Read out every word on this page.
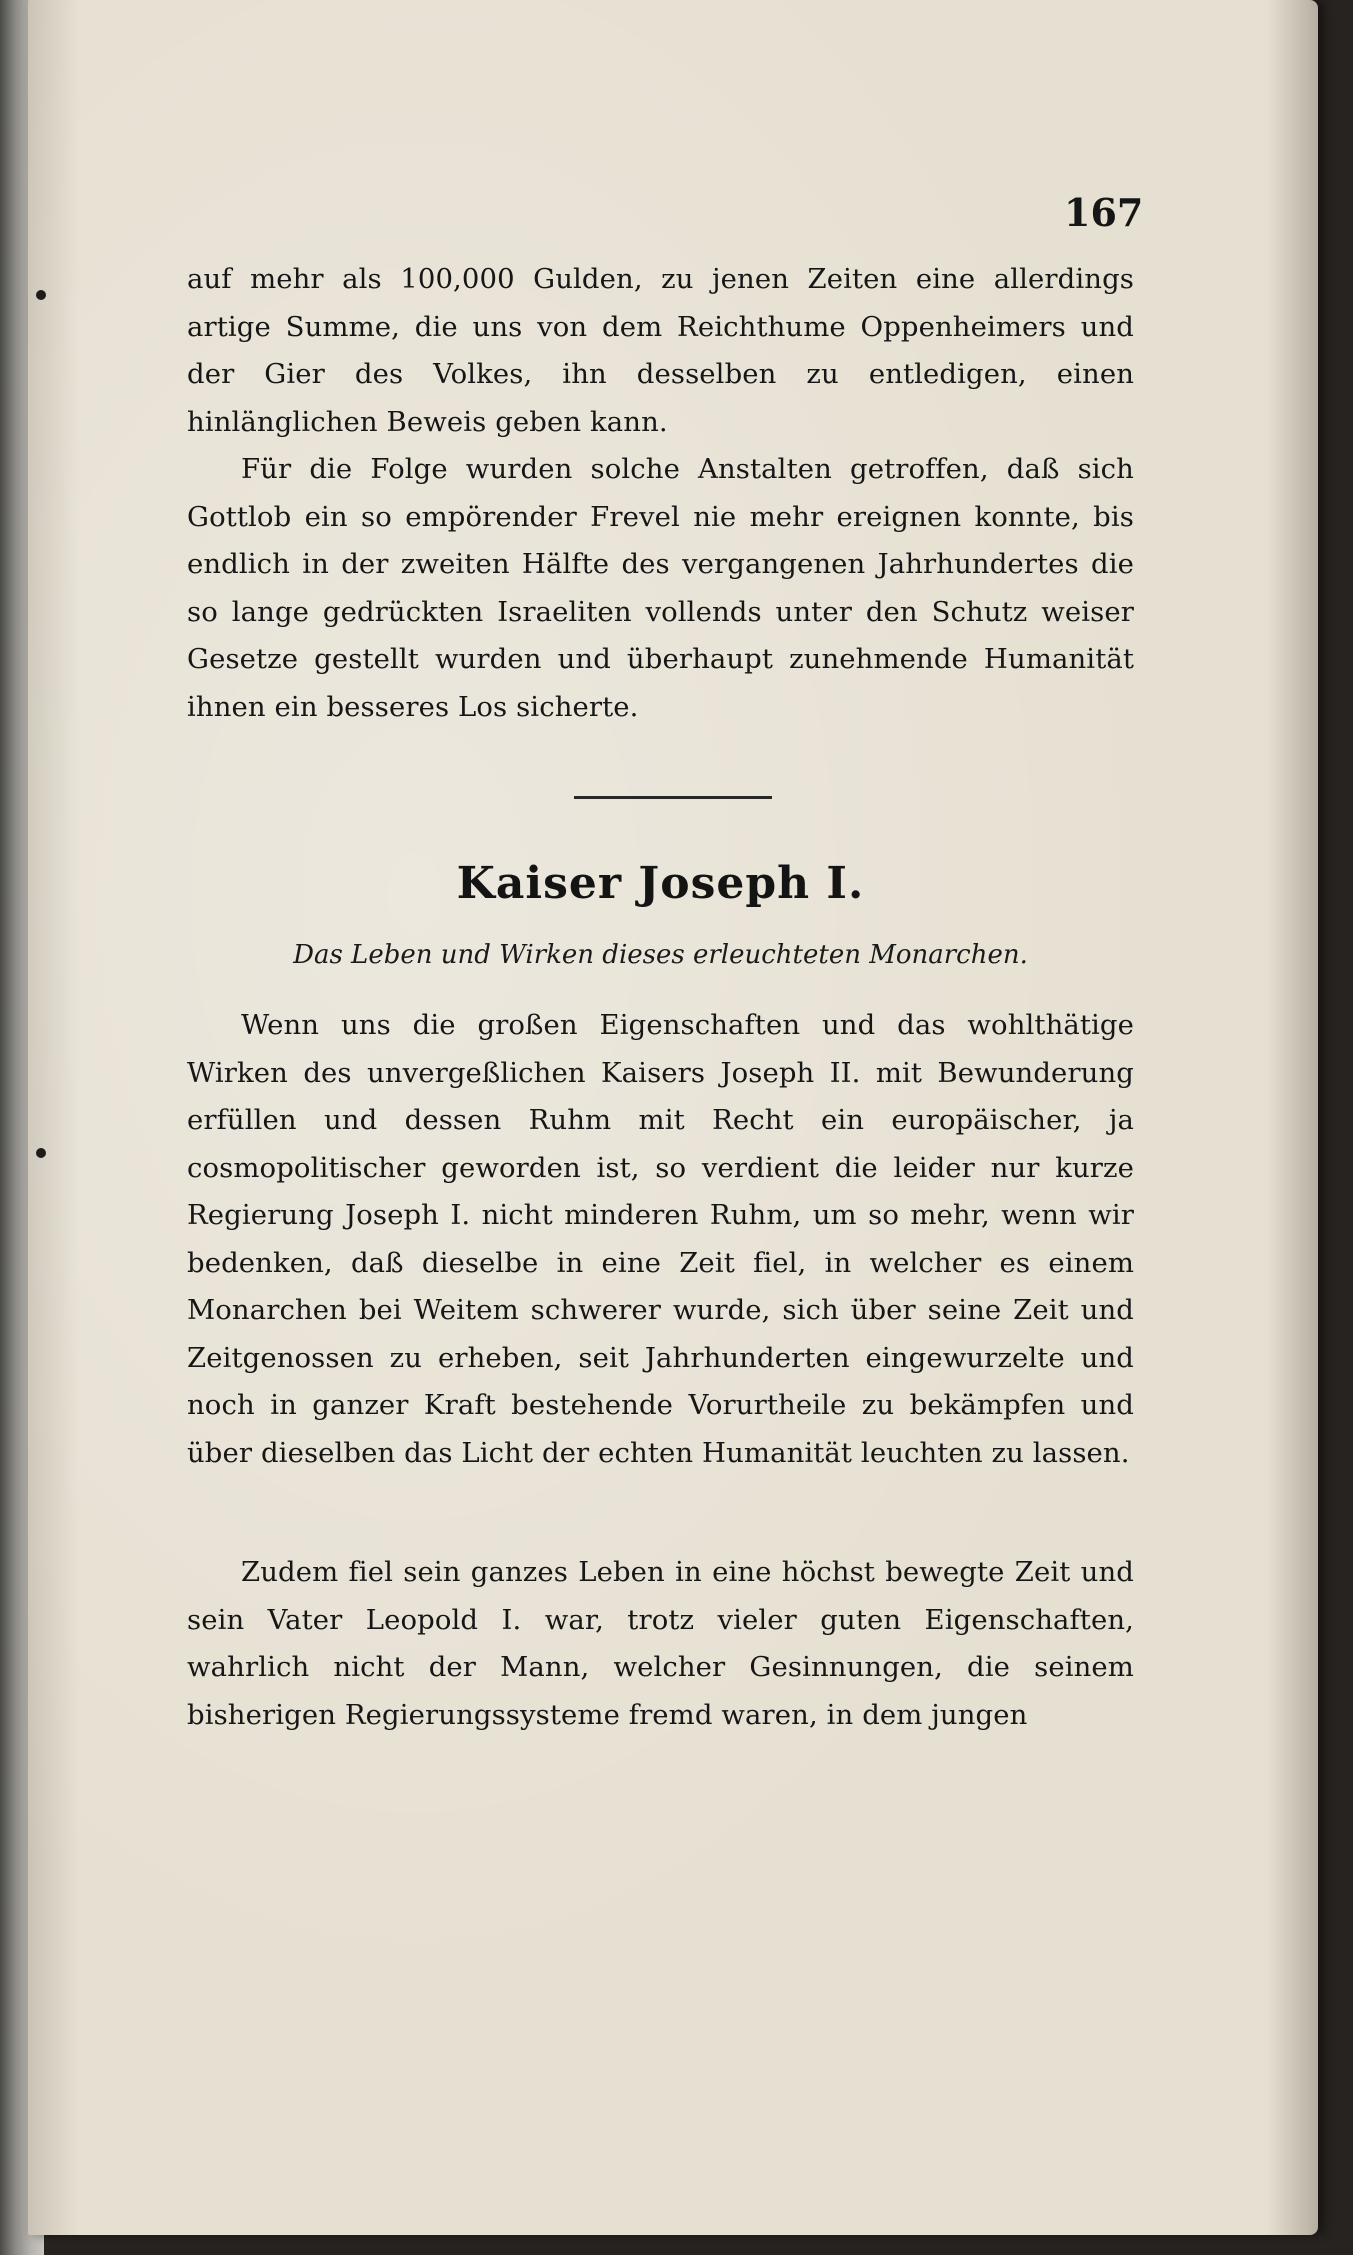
167

auf mehr als 100,000 Gulden, zu jenen Zeiten eine allerdings artige Summe, die uns von dem Reichthume Oppenheimers und der Gier des Volkes, ihn desselben zu entledigen, einen hinlänglichen Beweis geben kann.

Für die Folge wurden solche Anstalten getroffen, daß sich Gottlob ein so empörender Frevel nie mehr ereignen konnte, bis endlich in der zweiten Hälfte des vergangenen Jahrhundertes die so lange gedrückten Israeliten vollends unter den Schutz weiser Gesetze gestellt wurden und überhaupt zunehmende Humanität ihnen ein besseres Los sicherte.

Kaiser Joseph I.

Das Leben und Wirken dieses erleuchteten Monarchen.

Wenn uns die großen Eigenschaften und das wohlthätige Wirken des unvergeßlichen Kaisers Joseph II. mit Bewunderung erfüllen und dessen Ruhm mit Recht ein europäischer, ja cosmopolitischer geworden ist, so verdient die leider nur kurze Regierung Joseph I. nicht minderen Ruhm, um so mehr, wenn wir bedenken, daß dieselbe in eine Zeit fiel, in welcher es einem Monarchen bei Weitem schwerer wurde, sich über seine Zeit und Zeitgenossen zu erheben, seit Jahrhunderten eingewurzelte und noch in ganzer Kraft bestehende Vorurtheile zu bekämpfen und über dieselben das Licht der echten Humanität leuchten zu lassen.

Zudem fiel sein ganzes Leben in eine höchst bewegte Zeit und sein Vater Leopold I. war, trotz vieler guten Eigenschaften, wahrlich nicht der Mann, welcher Gesinnungen, die seinem bisherigen Regierungssysteme fremd waren, in dem jungen
